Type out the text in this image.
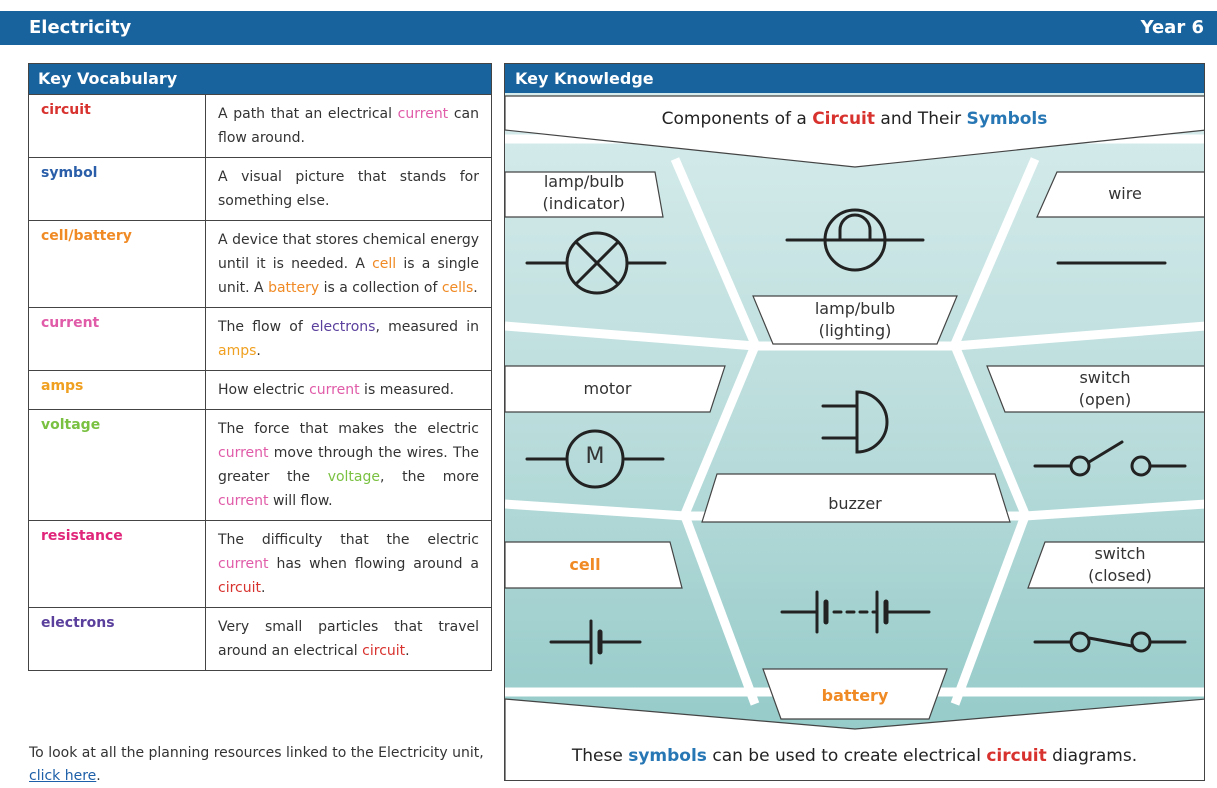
Electricity	Year 6
Key Vocabulary
circuit	A path that an electrical current can flow around.
symbol	A visual picture that stands for something else.
cell/battery	A device that stores chemical energy until it is needed. A cell is a single unit. A battery is a collection of cells.
current	The flow of electrons, measured in amps.
amps	How electric current is measured.
voltage	The force that makes the electric current move through the wires. The greater the voltage, the more current will flow.
resistance	The difficulty that the electric current has when flowing around a circuit.
electrons	Very small particles that travel around an electrical circuit.
To look at all the planning resources linked to the Electricity unit,
click here.
Key Knowledge
Components of a Circuit and Their Symbols
lamp/bulb
(indicator)
wire
lamp/bulb
(lighting)
motor
switch
(open)
M
buzzer
cell
switch
(closed)
battery
These symbols can be used to create electrical circuit diagrams.
